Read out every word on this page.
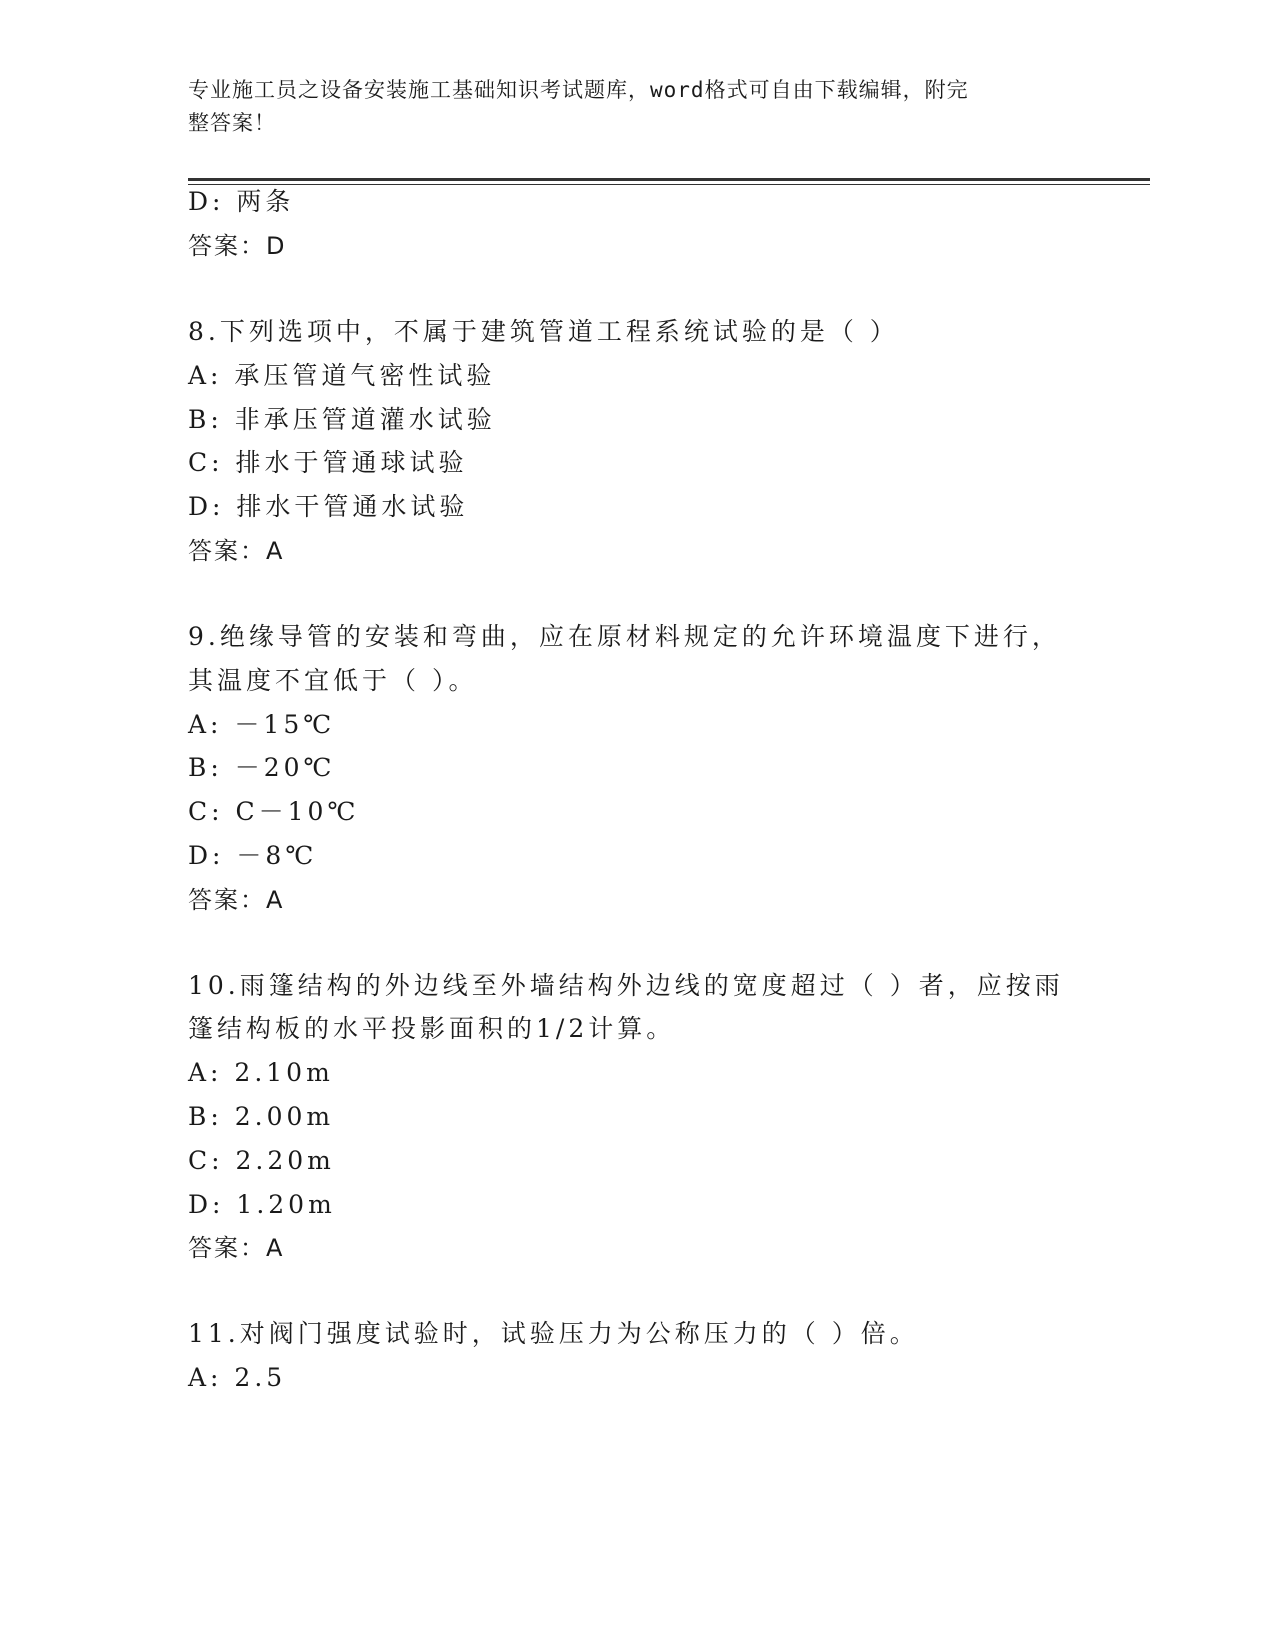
专业施工员之设备安装施工基础知识考试题库，word格式可自由下载编辑，附完
整答案！
D: 两条
答案：D
8.下列选项中，不属于建筑管道工程系统试验的是（ ）
A: 承压管道气密性试验
B: 非承压管道灌水试验
C: 排水于管通球试验
D: 排水干管通水试验
答案：A
9.绝缘导管的安装和弯曲，应在原材料规定的允许环境温度下进行，
其温度不宜低于（ ）。
A: －15℃
B: －20℃
C: C－10℃
D: －8℃
答案：A
10.雨篷结构的外边线至外墙结构外边线的宽度超过（ ）者，应按雨
篷结构板的水平投影面积的1/2计算。
A: 2.10m
B: 2.00m
C: 2.20m
D: 1.20m
答案：A
11.对阀门强度试验时，试验压力为公称压力的（ ）倍。
A: 2.5
